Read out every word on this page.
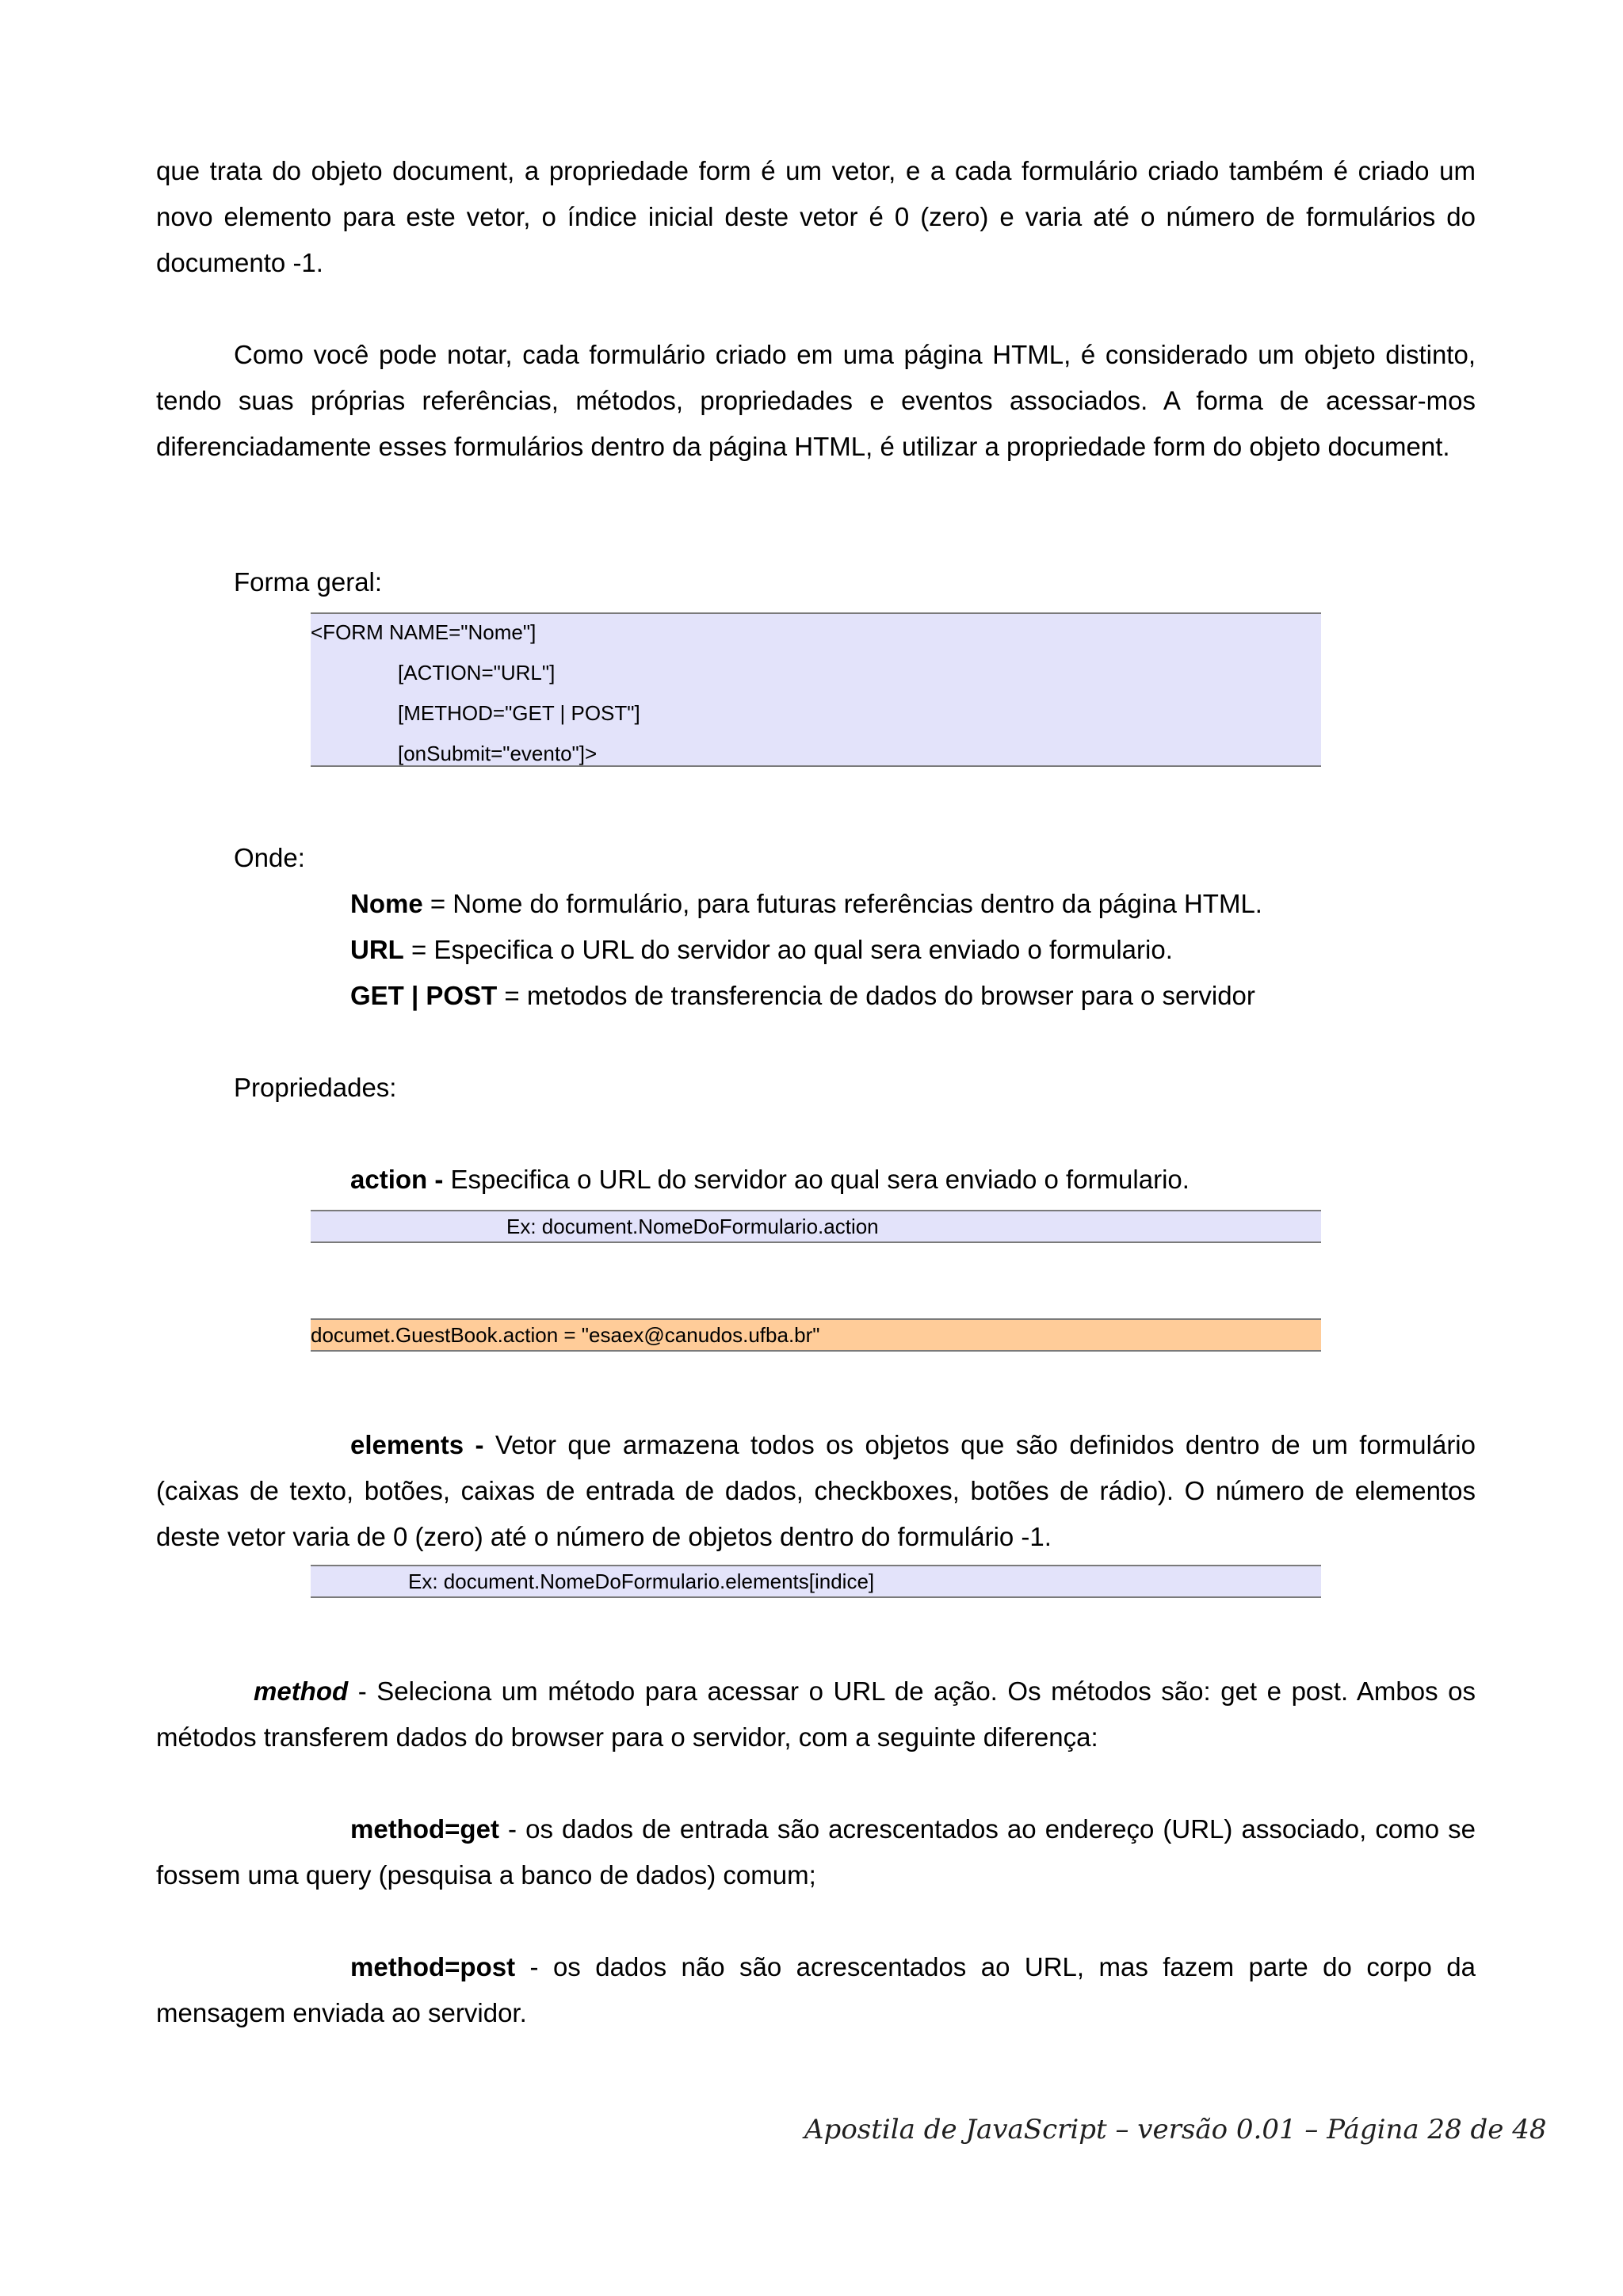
que trata do objeto document, a propriedade form é um vetor, e a cada formulário criado também é criado um novo elemento para este vetor, o índice inicial deste vetor é 0 (zero) e varia até o número de formulários do documento -1.

Como você pode notar, cada formulário criado em uma página HTML, é considerado um objeto distinto, tendo suas próprias referências, métodos, propriedades e eventos associados. A forma de acessar-mos diferenciadamente esses formulários dentro da página HTML, é utilizar a propriedade form do objeto document.

Forma geral:

<FORM NAME="Nome"]
[ACTION="URL"]
[METHOD="GET | POST"]
[onSubmit="evento"]>

Onde:

Nome = Nome do formulário, para futuras referências dentro da página HTML.

URL = Especifica o URL do servidor ao qual sera enviado o formulario.

GET | POST = metodos de transferencia de dados do browser para o servidor

Propriedades:

action - Especifica o URL do servidor ao qual sera enviado o formulario.

Ex: document.NomeDoFormulario.action
documet.GuestBook.action = "esaex@canudos.ufba.br"

elements - Vetor que armazena todos os objetos que são definidos dentro de um formulário (caixas de texto, botões, caixas de entrada de dados, checkboxes, botões de rádio). O número de elementos deste vetor varia de 0 (zero) até o número de objetos dentro do formulário -1.

Ex: document.NomeDoFormulario.elements[indice]

method - Seleciona um método para acessar o URL de ação. Os métodos são: get e post. Ambos os métodos transferem dados do browser para o servidor, com a seguinte diferença:

method=get - os dados de entrada são acrescentados ao endereço (URL) associado, como se fossem uma query (pesquisa a banco de dados) comum;

method=post - os dados não são acrescentados ao URL, mas fazem parte do corpo da mensagem enviada ao servidor.

Apostila de JavaScript – versão 0.01 – Página 28 de 48
